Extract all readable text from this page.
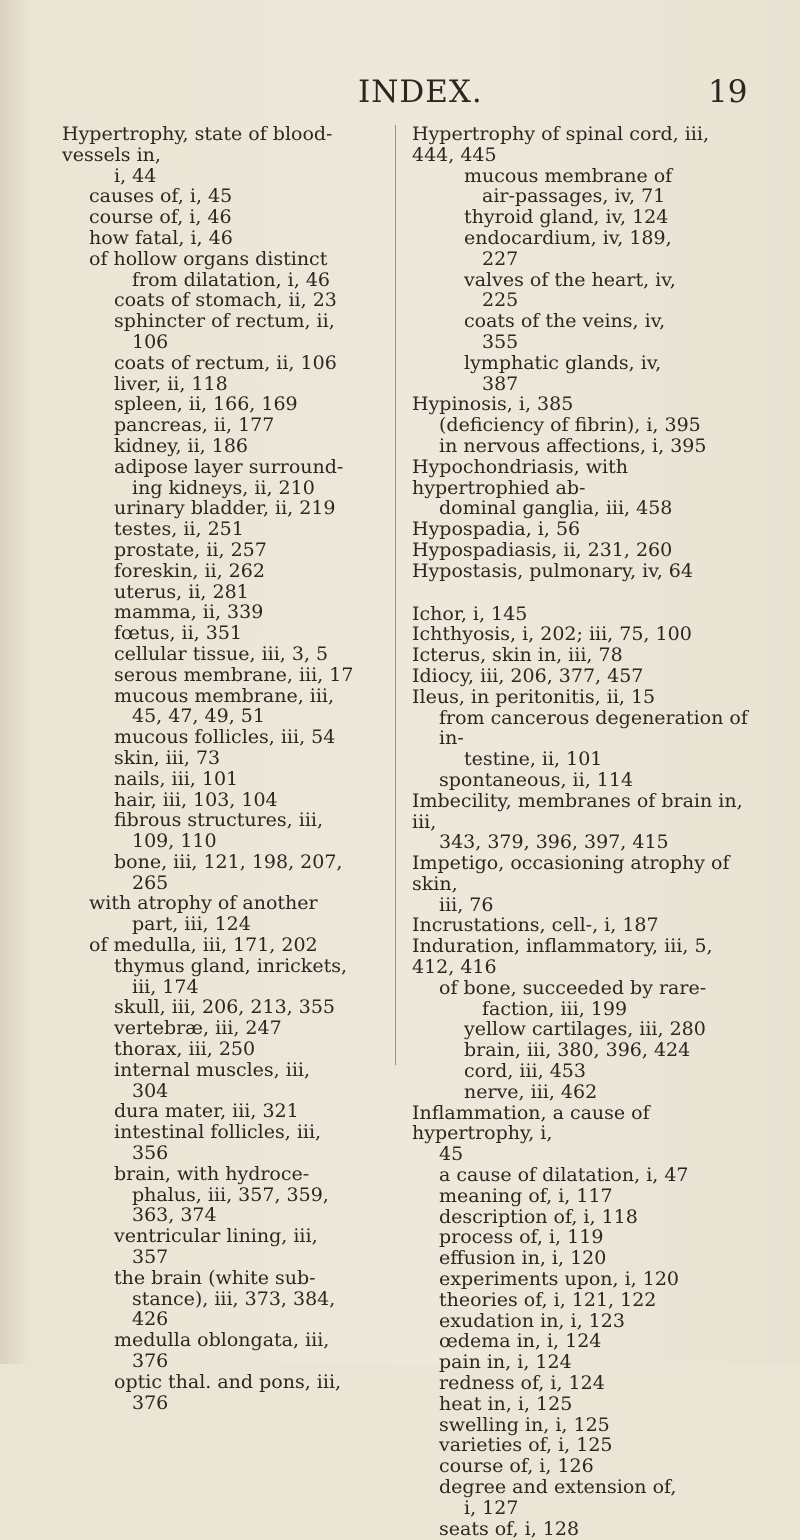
INDEX.	19
Hypertrophy, state of blood-vessels in,
i, 44
causes of, i, 45
course of, i, 46
how fatal, i, 46
of hollow organs distinct
from dilatation, i, 46
coats of stomach, ii, 23
sphincter of rectum, ii,
106
coats of rectum, ii, 106
liver, ii, 118
spleen, ii, 166, 169
pancreas, ii, 177
kidney, ii, 186
adipose layer surround-
ing kidneys, ii, 210
urinary bladder, ii, 219
testes, ii, 251
prostate, ii, 257
foreskin, ii, 262
uterus, ii, 281
mamma, ii, 339
fœtus, ii, 351
cellular tissue, iii, 3, 5
serous membrane, iii, 17
mucous membrane, iii,
45, 47, 49, 51
mucous follicles, iii, 54
skin, iii, 73
nails, iii, 101
hair, iii, 103, 104
fibrous structures, iii,
109, 110
bone, iii, 121, 198, 207,
265
with atrophy of another
part, iii, 124
of medulla, iii, 171, 202
thymus gland, inrickets,
iii, 174
skull, iii, 206, 213, 355
vertebræ, iii, 247
thorax, iii, 250
internal muscles, iii,
304
dura mater, iii, 321
intestinal follicles, iii,
356
brain, with hydroce-
phalus, iii, 357, 359,
363, 374
ventricular lining, iii,
357
the brain (white sub-
stance), iii, 373, 384,
426
medulla oblongata, iii,
376
optic thal. and pons, iii,
376
Hypertrophy of spinal cord, iii, 444, 445
mucous membrane of
air-passages, iv, 71
thyroid gland, iv, 124
endocardium, iv, 189,
227
valves of the heart, iv,
225
coats of the veins, iv,
355
lymphatic glands, iv,
387
Hypinosis, i, 385
(deficiency of fibrin), i, 395
in nervous affections, i, 395
Hypochondriasis, with hypertrophied ab-
dominal ganglia, iii, 458
Hypospadia, i, 56
Hypospadiasis, ii, 231, 260
Hypostasis, pulmonary, iv, 64
Ichor, i, 145
Ichthyosis, i, 202; iii, 75, 100
Icterus, skin in, iii, 78
Idiocy, iii, 206, 377, 457
Ileus, in peritonitis, ii, 15
from cancerous degeneration of in-
testine, ii, 101
spontaneous, ii, 114
Imbecility, membranes of brain in, iii,
343, 379, 396, 397, 415
Impetigo, occasioning atrophy of skin,
iii, 76
Incrustations, cell-, i, 187
Induration, inflammatory, iii, 5, 412, 416
of bone, succeeded by rare-
faction, iii, 199
yellow cartilages, iii, 280
brain, iii, 380, 396, 424
cord, iii, 453
nerve, iii, 462
Inflammation, a cause of hypertrophy, i,
45
a cause of dilatation, i, 47
meaning of, i, 117
description of, i, 118
process of, i, 119
effusion in, i, 120
experiments upon, i, 120
theories of, i, 121, 122
exudation in, i, 123
œdema in, i, 124
pain in, i, 124
redness of, i, 124
heat in, i, 125
swelling in, i, 125
varieties of, i, 125
course of, i, 126
degree and extension of,
i, 127
seats of, i, 128
